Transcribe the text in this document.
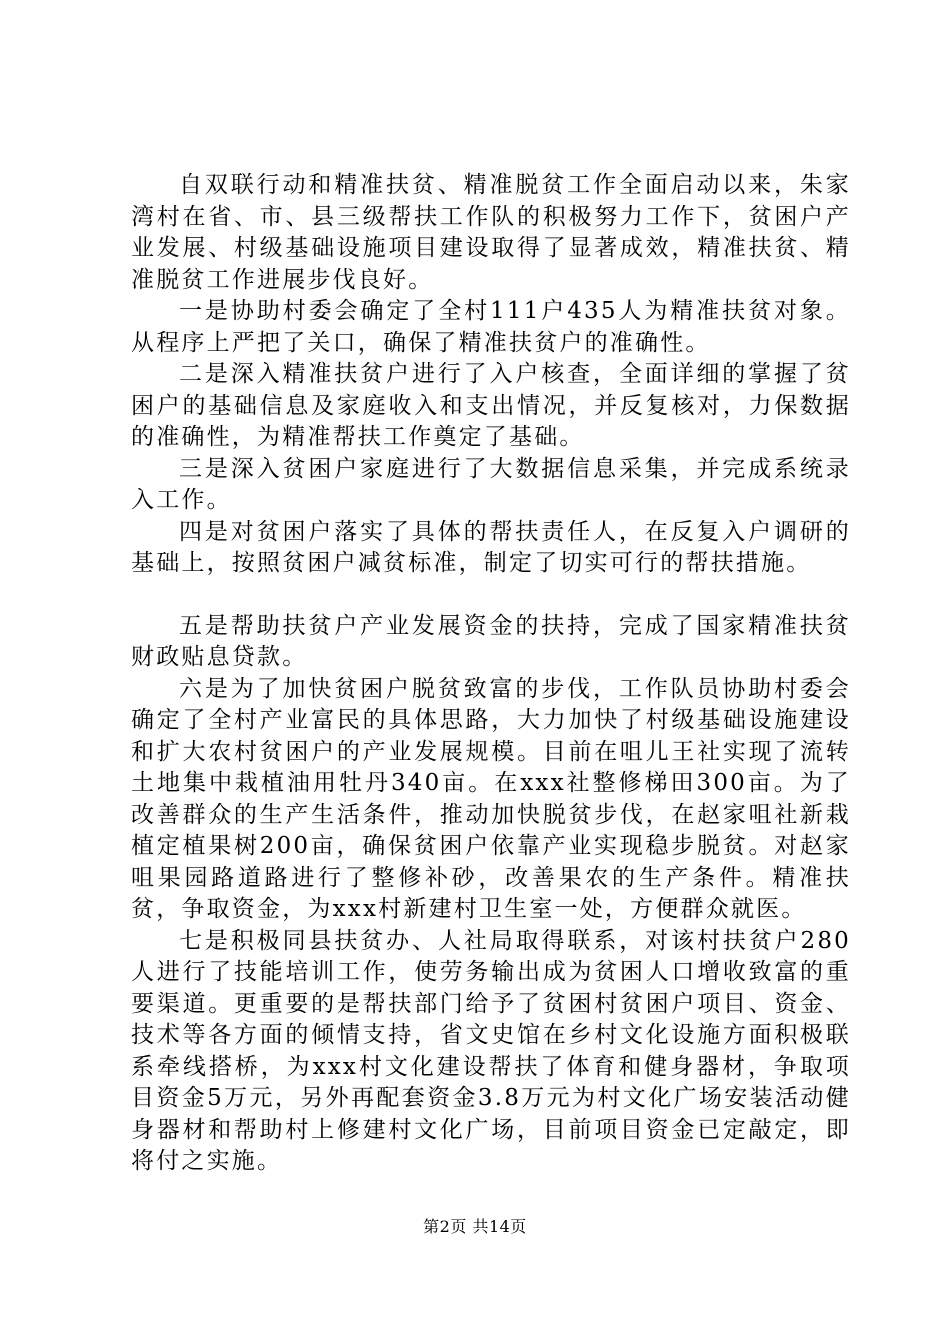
自双联行动和精准扶贫、精准脱贫工作全面启动以来，朱家湾村在省、市、县三级帮扶工作队的积极努力工作下，贫困户产业发展、村级基础设施项目建设取得了显著成效，精准扶贫、精准脱贫工作进展步伐良好。

一是协助村委会确定了全村111户435人为精准扶贫对象。从程序上严把了关口，确保了精准扶贫户的准确性。

二是深入精准扶贫户进行了入户核查，全面详细的掌握了贫困户的基础信息及家庭收入和支出情况，并反复核对，力保数据的准确性，为精准帮扶工作奠定了基础。

三是深入贫困户家庭进行了大数据信息采集，并完成系统录入工作。

四是对贫困户落实了具体的帮扶责任人，在反复入户调研的基础上，按照贫困户减贫标准，制定了切实可行的帮扶措施。

五是帮助扶贫户产业发展资金的扶持，完成了国家精准扶贫财政贴息贷款。

六是为了加快贫困户脱贫致富的步伐，工作队员协助村委会确定了全村产业富民的具体思路，大力加快了村级基础设施建设和扩大农村贫困户的产业发展规模。目前在咀儿王社实现了流转土地集中栽植油用牡丹340亩。在xxx社整修梯田300亩。为了改善群众的生产生活条件，推动加快脱贫步伐，在赵家咀社新栽植定植果树200亩，确保贫困户依靠产业实现稳步脱贫。对赵家咀果园路道路进行了整修补砂，改善果农的生产条件。精准扶贫，争取资金，为xxx村新建村卫生室一处，方便群众就医。

七是积极同县扶贫办、人社局取得联系，对该村扶贫户280人进行了技能培训工作，使劳务输出成为贫困人口增收致富的重要渠道。更重要的是帮扶部门给予了贫困村贫困户项目、资金、技术等各方面的倾情支持，省文史馆在乡村文化设施方面积极联系牵线搭桥，为xxx村文化建设帮扶了体育和健身器材，争取项目资金5万元，另外再配套资金3.8万元为村文化广场安装活动健身器材和帮助村上修建村文化广场，目前项目资金已定敲定，即将付之实施。

第2页 共14页
